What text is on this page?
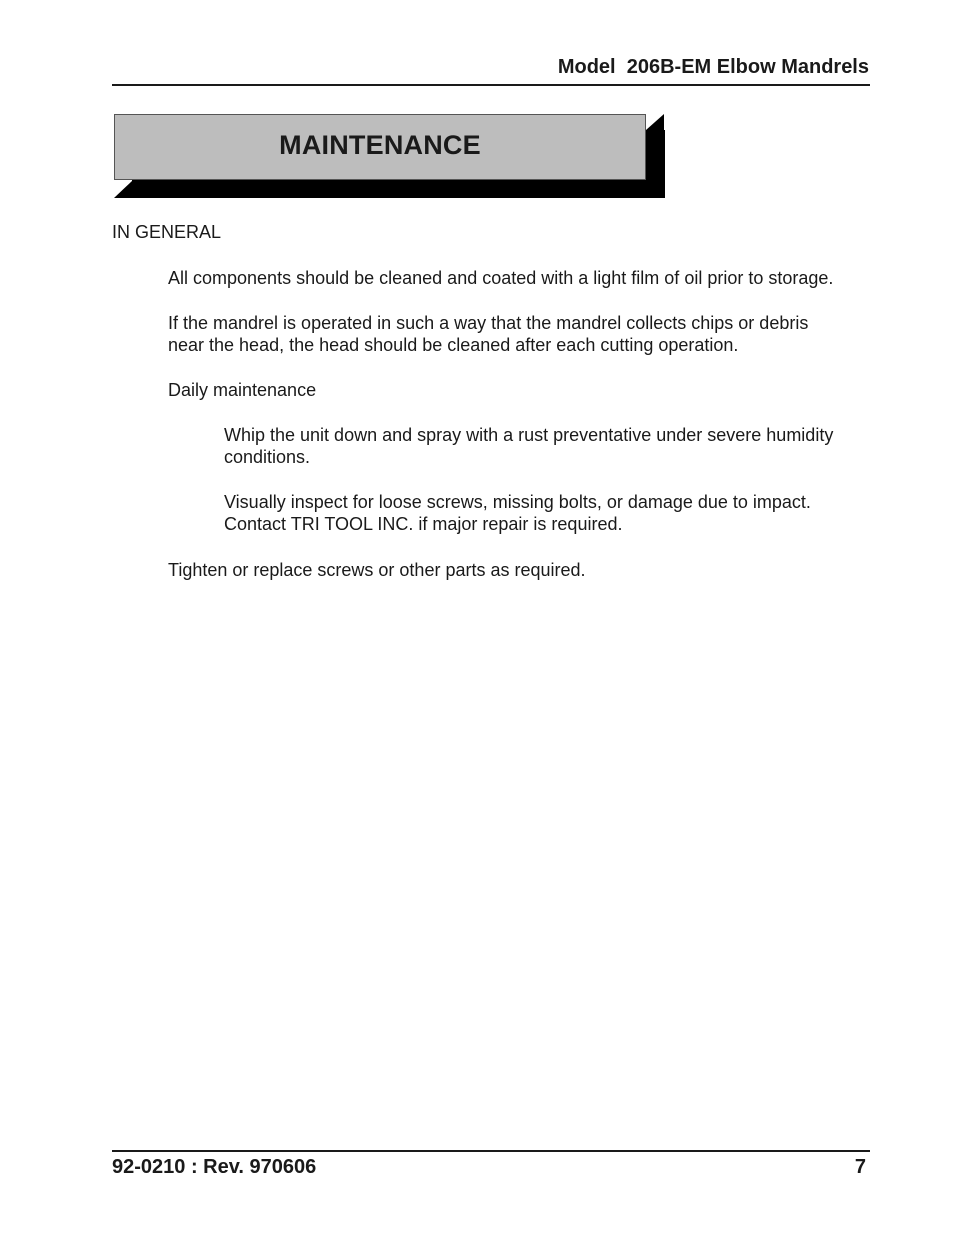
Model  206B-EM Elbow Mandrels
MAINTENANCE
IN GENERAL

All components should be cleaned and coated with a light film of oil prior to storage.

If the mandrel is operated in such a way that the mandrel collects chips or debris near the head, the head should be cleaned after each cutting operation.

Daily maintenance

Whip the unit down and spray with a rust preventative under severe humidity conditions.

Visually inspect for loose screws, missing bolts, or damage due to impact. Contact TRI TOOL INC. if major repair is required.

Tighten or replace screws or other parts as required.

92-0210 : Rev. 970606	7
